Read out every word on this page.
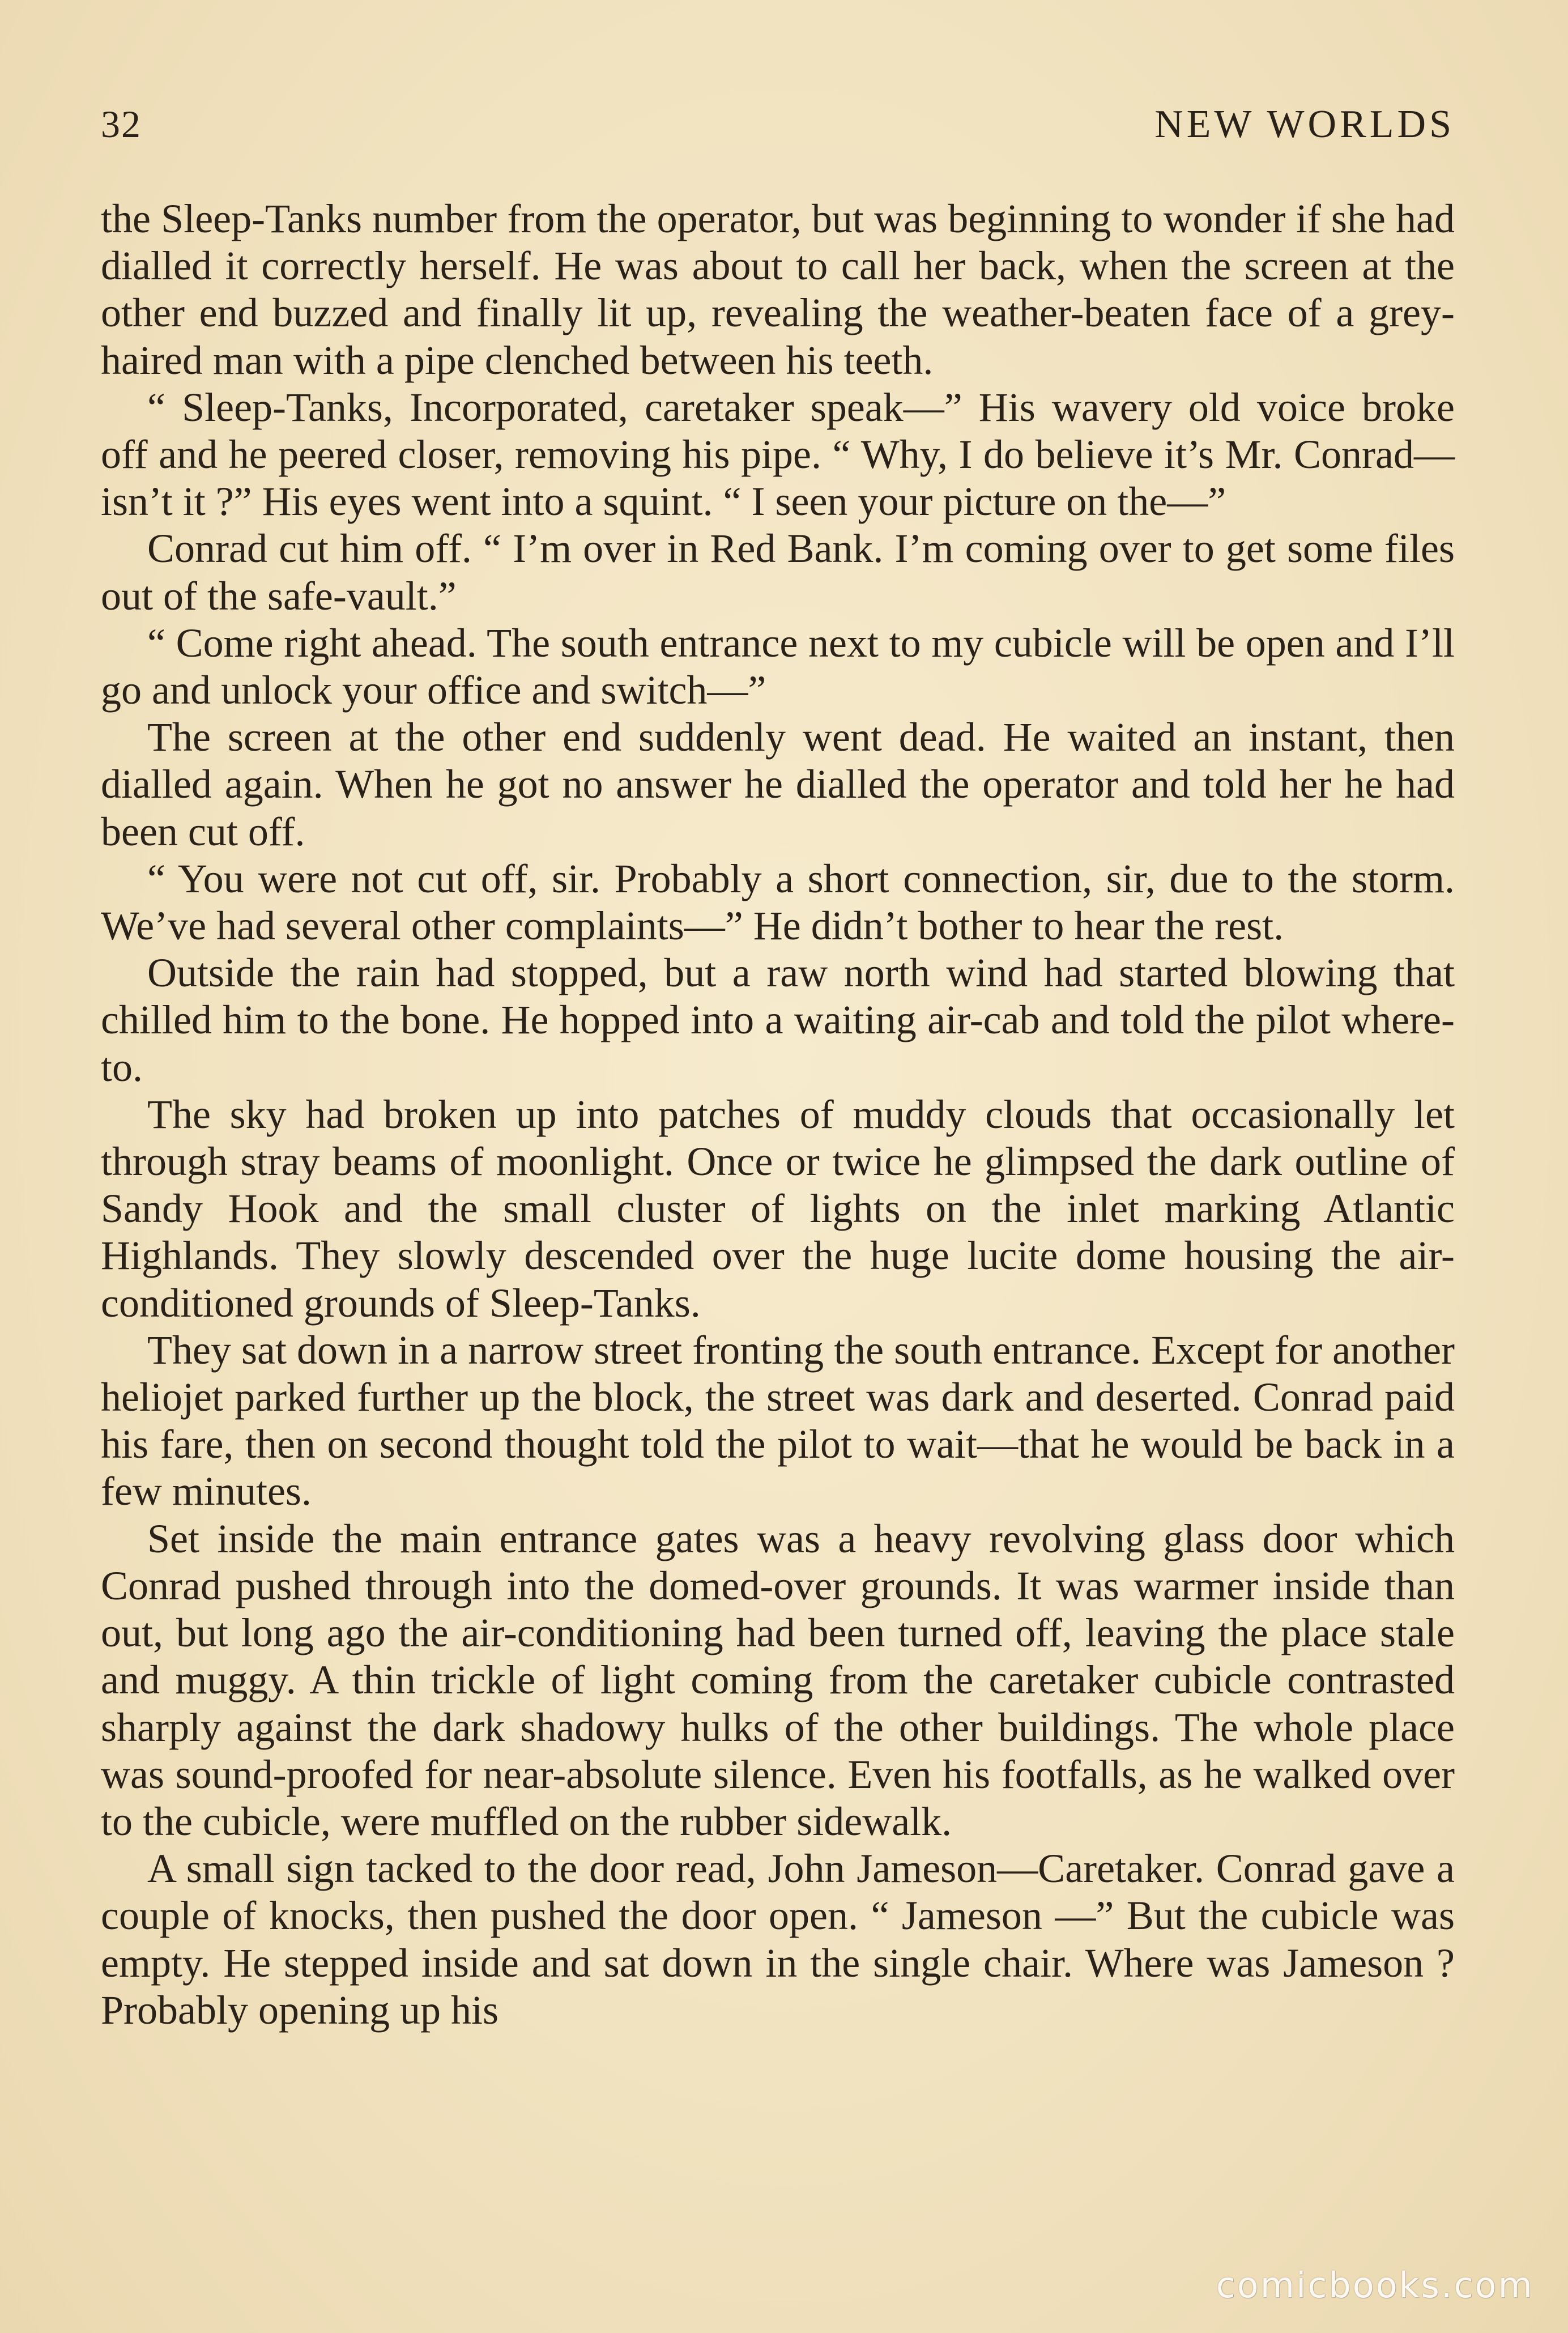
32	NEW WORLDS

the Sleep-Tanks number from the operator, but was beginning to wonder if she had dialled it correctly herself. He was about to call her back, when the screen at the other end buzzed and finally lit up, revealing the weather-beaten face of a grey-haired man with a pipe clenched between his teeth.

“ Sleep-Tanks, Incorporated, caretaker speak—” His wavery old voice broke off and he peered closer, removing his pipe. “ Why, I do believe it’s Mr. Conrad—isn’t it ?” His eyes went into a squint. “ I seen your picture on the—”

Conrad cut him off. “ I’m over in Red Bank. I’m coming over to get some files out of the safe-vault.”

“ Come right ahead. The south entrance next to my cubicle will be open and I’ll go and unlock your office and switch—”

The screen at the other end suddenly went dead. He waited an instant, then dialled again. When he got no answer he dialled the operator and told her he had been cut off.

“ You were not cut off, sir. Probably a short connection, sir, due to the storm. We’ve had several other complaints—” He didn’t bother to hear the rest.

Outside the rain had stopped, but a raw north wind had started blowing that chilled him to the bone. He hopped into a waiting air-cab and told the pilot where-to.

The sky had broken up into patches of muddy clouds that occasionally let through stray beams of moonlight. Once or twice he glimpsed the dark outline of Sandy Hook and the small cluster of lights on the inlet marking Atlantic Highlands. They slowly descended over the huge lucite dome housing the air-conditioned grounds of Sleep-Tanks.

They sat down in a narrow street fronting the south entrance. Except for another heliojet parked further up the block, the street was dark and deserted. Conrad paid his fare, then on second thought told the pilot to wait—that he would be back in a few minutes.

Set inside the main entrance gates was a heavy revolving glass door which Conrad pushed through into the domed-over grounds. It was warmer inside than out, but long ago the air-conditioning had been turned off, leaving the place stale and muggy. A thin trickle of light coming from the caretaker cubicle contrasted sharply against the dark shadowy hulks of the other buildings. The whole place was sound-proofed for near-absolute silence. Even his footfalls, as he walked over to the cubicle, were muffled on the rubber sidewalk.

A small sign tacked to the door read, John Jameson—Caretaker. Conrad gave a couple of knocks, then pushed the door open. “ Jameson —” But the cubicle was empty. He stepped inside and sat down in the single chair. Where was Jameson ? Probably opening up his

comicbooks.com
